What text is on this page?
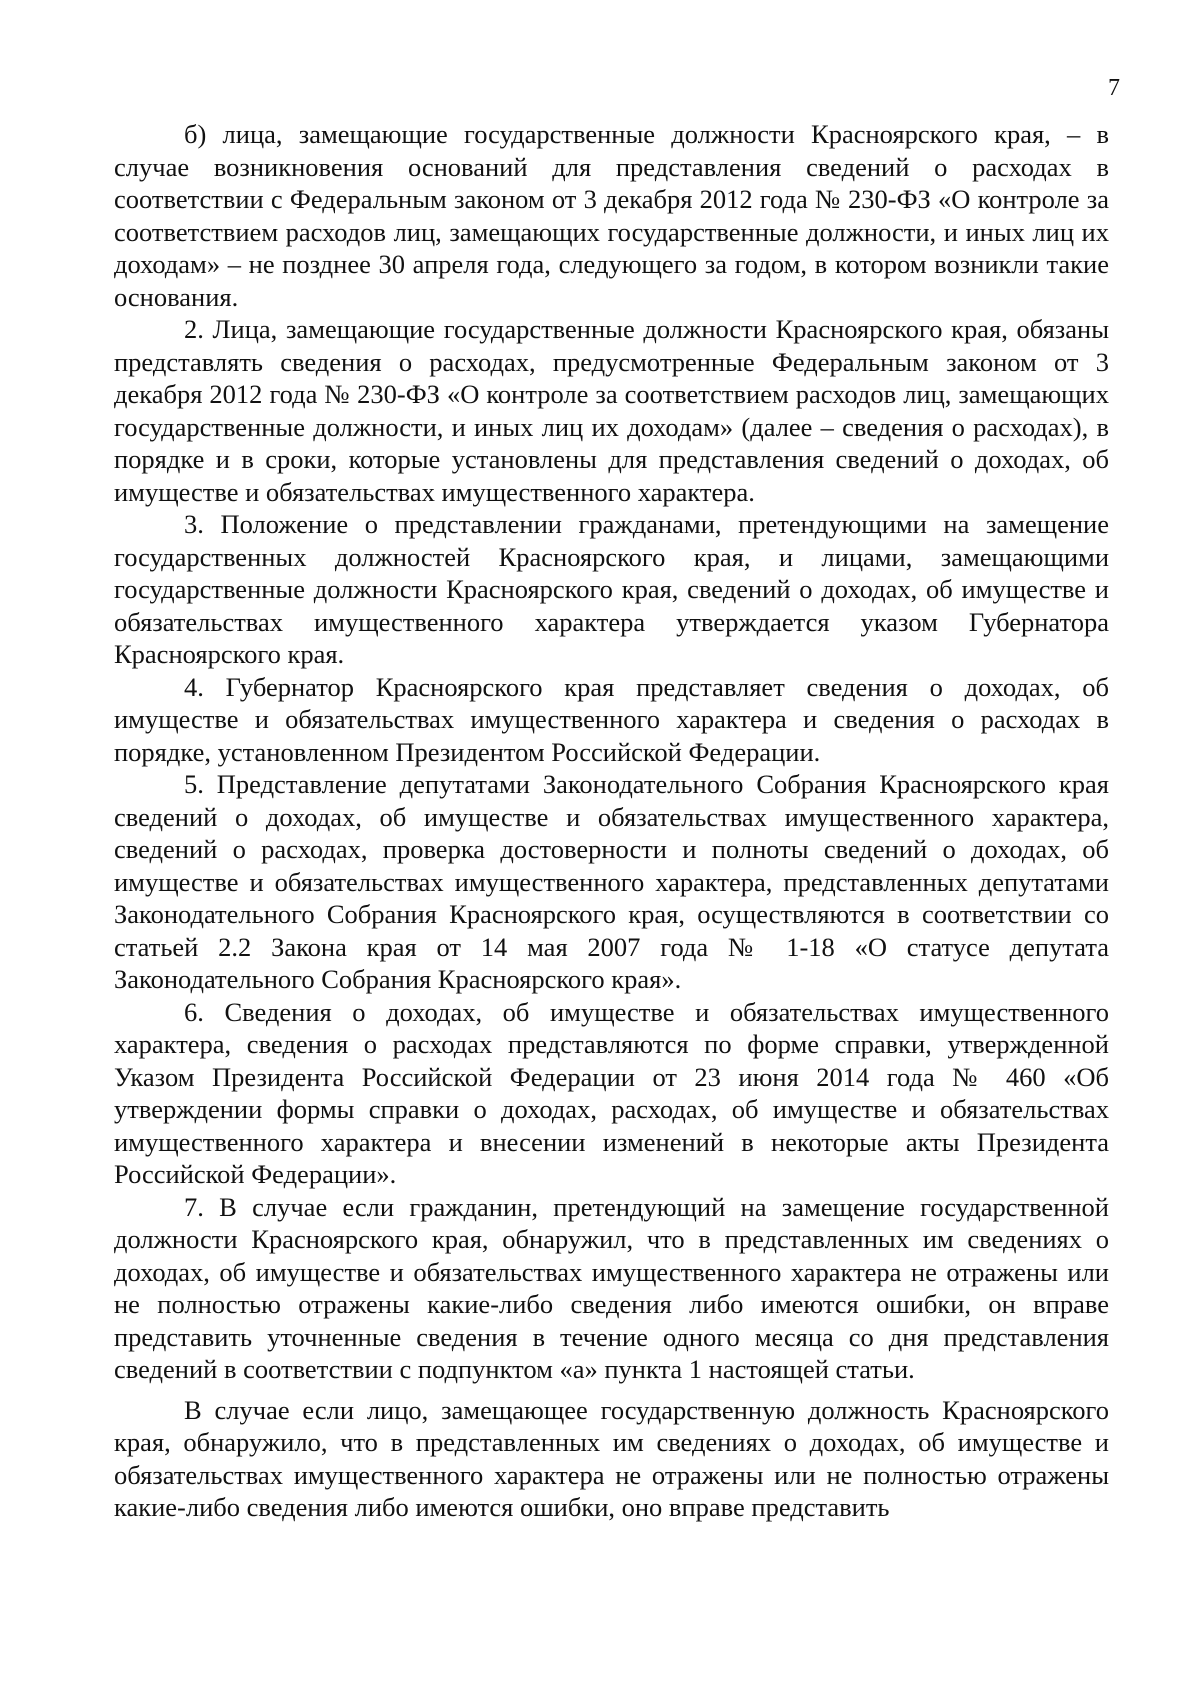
7

б) лица, замещающие государственные должности Красноярского края, – в случае возникновения оснований для представления сведений о расходах в соответствии с Федеральным законом от 3 декабря 2012 года № 230-ФЗ «О контроле за соответствием расходов лиц, замещающих государственные должности, и иных лиц их доходам» – не позднее 30 апреля года, следующего за годом, в котором возникли такие основания.

2. Лица, замещающие государственные должности Красноярского края, обязаны представлять сведения о расходах, предусмотренные Федеральным законом от 3 декабря 2012 года № 230-ФЗ «О контроле за соответствием расходов лиц, замещающих государственные должности, и иных лиц их доходам» (далее – сведения о расходах), в порядке и в сроки, которые установлены для представления сведений о доходах, об имуществе и обязательствах имущественного характера.

3. Положение о представлении гражданами, претендующими на замещение государственных должностей Красноярского края, и лицами, замещающими государственные должности Красноярского края, сведений о доходах, об имуществе и обязательствах имущественного характера утверждается указом Губернатора Красноярского края.

4. Губернатор Красноярского края представляет сведения о доходах, об имуществе и обязательствах имущественного характера и сведения о расходах в порядке, установленном Президентом Российской Федерации.

5. Представление депутатами Законодательного Собрания Красноярского края сведений о доходах, об имуществе и обязательствах имущественного характера, сведений о расходах, проверка достоверности и полноты сведений о доходах, об имуществе и обязательствах имущественного характера, представленных депутатами Законодательного Собрания Красноярского края, осуществляются в соответствии со статьей 2.2 Закона края от 14 мая 2007 года № 1-18 «О статусе депутата Законодательного Собрания Красноярского края».

6. Сведения о доходах, об имуществе и обязательствах имущественного характера, сведения о расходах представляются по форме справки, утвержденной Указом Президента Российской Федерации от 23 июня 2014 года № 460 «Об утверждении формы справки о доходах, расходах, об имуществе и обязательствах имущественного характера и внесении изменений в некоторые акты Президента Российской Федерации».

7. В случае если гражданин, претендующий на замещение государственной должности Красноярского края, обнаружил, что в представленных им сведениях о доходах, об имуществе и обязательствах имущественного характера не отражены или не полностью отражены какие-либо сведения либо имеются ошибки, он вправе представить уточненные сведения в течение одного месяца со дня представления сведений в соответствии с подпунктом «а» пункта 1 настоящей статьи.

В случае если лицо, замещающее государственную должность Красноярского края, обнаружило, что в представленных им сведениях о доходах, об имуществе и обязательствах имущественного характера не отражены или не полностью отражены какие-либо сведения либо имеются ошибки, оно вправе представить
